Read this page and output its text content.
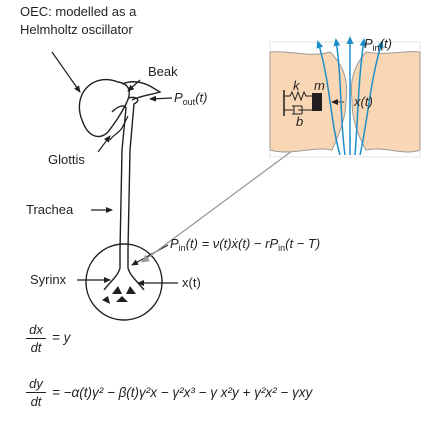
OEC: modelled as a
Helmholtz oscillator
Beak
$P_{out}(t)$
Glottis
Trachea
Syrinx	x(t)
$P_{in}(t)$ = ν(t)ẋ(t) − $rP_{in}(t - T)$
$P_{in}(t)$
k m
b
x(t)
$\frac{dx}{dt} = y$
$\frac{dy}{dt} = -\alpha(t)\gamma^2 - \beta(t)\gamma^2x - \gamma^2x^3 - \gamma$ x²y + γ²x² − γxy
